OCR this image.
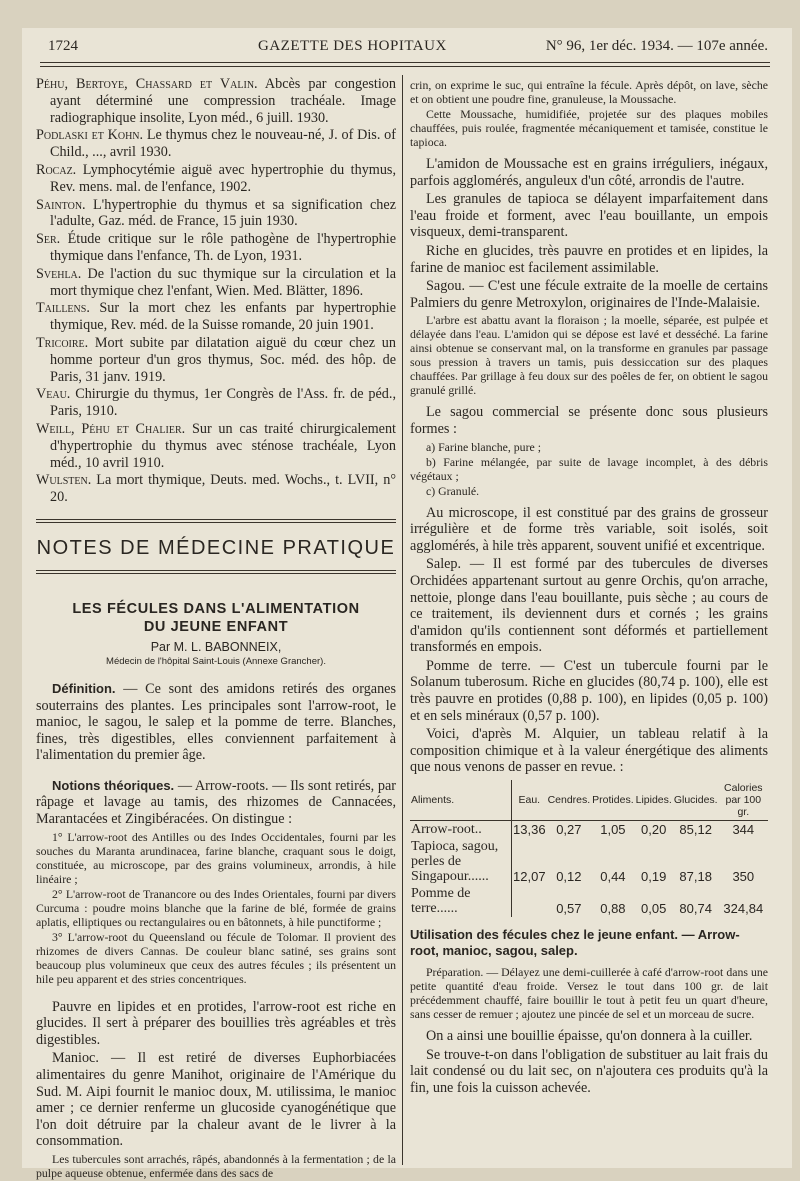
1724	GAZETTE DES HOPITAUX	N° 96, 1er déc. 1934. — 107e année.

Péhu, Bertoye, Chassard et Valin. Abcès par congestion ayant déterminé une compression trachéale. Image radiographique insolite, Lyon méd., 6 juill. 1930.

Podlaski et Kohn. Le thymus chez le nouveau-né, J. of Dis. of Child., ..., avril 1930.

Rocaz. Lymphocytémie aiguë avec hypertrophie du thymus, Rev. mens. mal. de l'enfance, 1902.

Sainton. L'hypertrophie du thymus et sa signification chez l'adulte, Gaz. méd. de France, 15 juin 1930.

Ser. Étude critique sur le rôle pathogène de l'hypertrophie thymique dans l'enfance, Th. de Lyon, 1931.

Svehla. De l'action du suc thymique sur la circulation et la mort thymique chez l'enfant, Wien. Med. Blätter, 1896.

Taillens. Sur la mort chez les enfants par hypertrophie thymique, Rev. méd. de la Suisse romande, 20 juin 1901.

Tricoire. Mort subite par dilatation aiguë du cœur chez un homme porteur d'un gros thymus, Soc. méd. des hôp. de Paris, 31 janv. 1919.

Veau. Chirurgie du thymus, 1er Congrès de l'Ass. fr. de péd., Paris, 1910.

Weill, Péhu et Chalier. Sur un cas traité chirurgicalement d'hypertrophie du thymus avec sténose trachéale, Lyon méd., 10 avril 1910.

Wulsten. La mort thymique, Deuts. med. Wochs., t. LVII, n° 20.

NOTES DE MÉDECINE PRATIQUE
LES FÉCULES DANS L'ALIMENTATION
DU JEUNE ENFANT

Par M. L. BABONNEIX,

Médecin de l'hôpital Saint-Louis (Annexe Grancher).

Définition. — Ce sont des amidons retirés des organes souterrains des plantes. Les principales sont l'arrow-root, le manioc, le sagou, le salep et la pomme de terre. Blanches, fines, très digestibles, elles conviennent parfaitement à l'alimentation du premier âge.

Notions théoriques. — Arrow-roots. — Ils sont retirés, par râpage et lavage au tamis, des rhizomes de Cannacées, Marantacées et Zingibéracées. On distingue :

1° L'arrow-root des Antilles ou des Indes Occidentales, fourni par les souches du Maranta arundinacea, farine blanche, craquant sous le doigt, constituée, au microscope, par des grains volumineux, arrondis, à hile linéaire ;

2° L'arrow-root de Tranancore ou des Indes Orientales, fourni par divers Curcuma : poudre moins blanche que la farine de blé, formée de grains aplatis, elliptiques ou rectangulaires ou en bâtonnets, à hile punctiforme ;

3° L'arrow-root du Queensland ou fécule de Tolomar. Il provient des rhizomes de divers Cannas. De couleur blanc satiné, ses grains sont beaucoup plus volumineux que ceux des autres fécules ; ils présentent un hile peu apparent et des stries concentriques.

Pauvre en lipides et en protides, l'arrow-root est riche en glucides. Il sert à préparer des bouillies très agréables et très digestibles.

Manioc. — Il est retiré de diverses Euphorbiacées alimentaires du genre Manihot, originaire de l'Amérique du Sud. M. Aipi fournit le manioc doux, M. utilissima, le manioc amer ; ce dernier renferme un glucoside cyanogénétique que l'on doit détruire par la chaleur avant de le livrer à la consommation.

Les tubercules sont arrachés, râpés, abandonnés à la fermentation ; de la pulpe aqueuse obtenue, enfermée dans des sacs de

crin, on exprime le suc, qui entraîne la fécule. Après dépôt, on lave, sèche et on obtient une poudre fine, granuleuse, la Moussache.

Cette Moussache, humidifiée, projetée sur des plaques mobiles chauffées, puis roulée, fragmentée mécaniquement et tamisée, constitue le tapioca.

L'amidon de Moussache est en grains irréguliers, inégaux, parfois agglomérés, anguleux d'un côté, arrondis de l'autre.

Les granules de tapioca se délayent imparfaitement dans l'eau froide et forment, avec l'eau bouillante, un empois visqueux, demi-transparent.

Riche en glucides, très pauvre en protides et en lipides, la farine de manioc est facilement assimilable.

Sagou. — C'est une fécule extraite de la moelle de certains Palmiers du genre Metroxylon, originaires de l'Inde-Malaisie.

L'arbre est abattu avant la floraison ; la moelle, séparée, est pulpée et délayée dans l'eau. L'amidon qui se dépose est lavé et desséché. La farine ainsi obtenue se conservant mal, on la transforme en granules par passage sous pression à travers un tamis, puis dessiccation sur des plaques chauffées. Par grillage à feu doux sur des poêles de fer, on obtient le sagou granulé grillé.

Le sagou commercial se présente donc sous plusieurs formes :

a) Farine blanche, pure ;

b) Farine mélangée, par suite de lavage incomplet, à des débris végétaux ;

c) Granulé.

Au microscope, il est constitué par des grains de grosseur irrégulière et de forme très variable, soit isolés, soit agglomérés, à hile très apparent, souvent unifié et excentrique.

Salep. — Il est formé par des tubercules de diverses Orchidées appartenant surtout au genre Orchis, qu'on arrache, nettoie, plonge dans l'eau bouillante, puis sèche ; au cours de ce traitement, ils deviennent durs et cornés ; les grains d'amidon qu'ils contiennent sont déformés et partiellement transformés en empois.

Pomme de terre. — C'est un tubercule fourni par le Solanum tuberosum. Riche en glucides (80,74 p. 100), elle est très pauvre en protides (0,88 p. 100), en lipides (0,05 p. 100) et en sels minéraux (0,57 p. 100).

Voici, d'après M. Alquier, un tableau relatif à la composition chimique et à la valeur énergétique des aliments que nous venons de passer en revue. :

Aliments.	Eau.	Cendres.	Protides.	Lipides.	Glucides.	Calories par 100 gr.
Arrow-root..	13,36	0,27	1,05	0,20	85,12	344
Tapioca, sagou, perles de Singapour......	12,07	0,12	0,44	0,19	87,18	350
Pomme de terre......		0,57	0,88	0,05	80,74	324,84
Utilisation des fécules chez le jeune enfant. — Arrow-root, manioc, sagou, salep.

Préparation. — Délayez une demi-cuillerée à café d'arrow-root dans une petite quantité d'eau froide. Versez le tout dans 100 gr. de lait précédemment chauffé, faire bouillir le tout à petit feu un quart d'heure, sans cesser de remuer ; ajoutez une pincée de sel et un morceau de sucre.

On a ainsi une bouillie épaisse, qu'on donnera à la cuiller.

Se trouve-t-on dans l'obligation de substituer au lait frais du lait condensé ou du lait sec, on n'ajoutera ces produits qu'à la fin, une fois la cuisson achevée.
